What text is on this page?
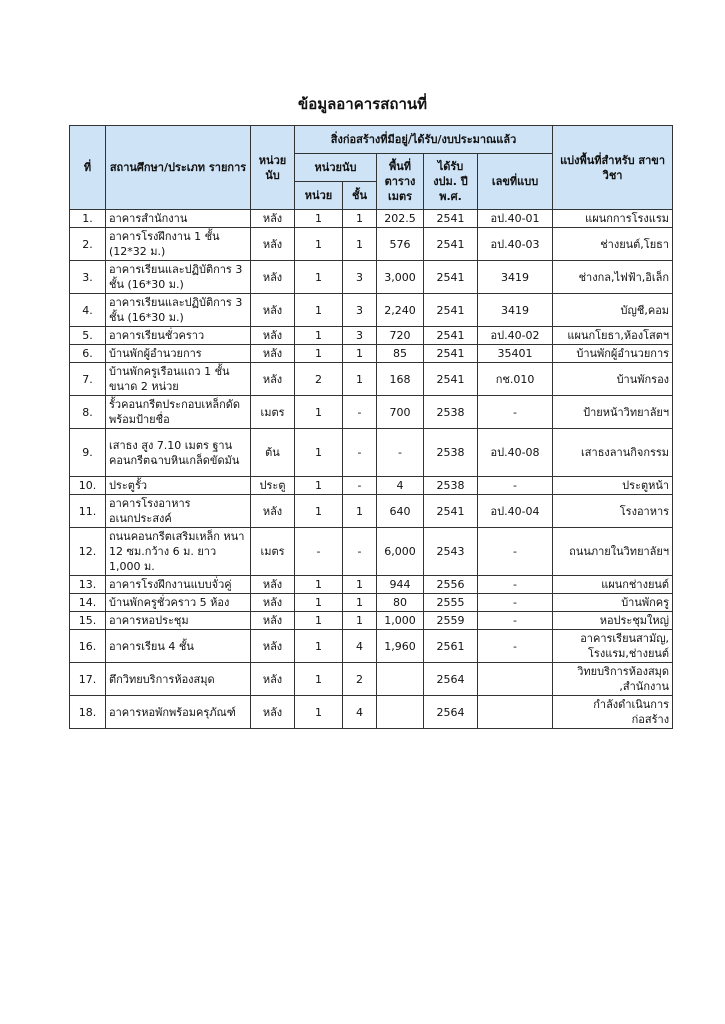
ข้อมูลอาคารสถานที่
ที่	สถานศึกษา/ประเภท รายการ	หน่วย นับ	สิ่งก่อสร้างที่มีอยู่/ได้รับ/งบประมาณแล้ว					แบ่งพื้นที่สำหรับ สาขาวิชา
			หน่วยนับ		พื้นที่ ตาราง เมตร	ได้รับ งปม. ปี พ.ศ.	เลขที่แบบ	
			หน่วย	ชั้น				
1.	อาคารสำนักงาน	หลัง	1	1	202.5	2541	อป.40-01	แผนกการโรงแรม
2.	อาคารโรงฝึกงาน 1 ชั้น (12*32 ม.)	หลัง	1	1	576	2541	อป.40-03	ช่างยนต์,โยธา
3.	อาคารเรียนและปฏิบัติการ 3 ชั้น (16*30 ม.)	หลัง	1	3	3,000	2541	3419	ช่างกล,ไฟฟ้า,อิเล็ก
4.	อาคารเรียนและปฏิบัติการ 3 ชั้น (16*30 ม.)	หลัง	1	3	2,240	2541	3419	บัญชี,คอม
5.	อาคารเรียนชั่วคราว	หลัง	1	3	720	2541	อป.40-02	แผนกโยธา,ห้องโสตฯ
6.	บ้านพักผู้อำนวยการ	หลัง	1	1	85	2541	35401	บ้านพักผู้อำนวยการ
7.	บ้านพักครูเรือนแถว 1 ชั้น ขนาด 2 หน่วย	หลัง	2	1	168	2541	กช.010	บ้านพักรอง
8.	รั้วคอนกรีตประกอบเหล็กดัด พร้อมป้ายชื่อ	เมตร	1	-	700	2538	-	ป้ายหน้าวิทยาลัยฯ
9.	เสาธง สูง 7.10 เมตร ฐานคอนกรีตฉาบหินเกล็ดขัดมัน	ต้น	1	-	-	2538	อป.40-08	เสาธงลานกิจกรรม
10.	ประตูรั้ว	ประตู	1	-	4	2538	-	ประตูหน้า
11.	อาคารโรงอาหาร อเนกประสงค์	หลัง	1	1	640	2541	อป.40-04	โรงอาหาร
12.	ถนนคอนกรีตเสริมเหล็ก หนา 12 ซม.กว้าง 6 ม. ยาว 1,000 ม.	เมตร	-	-	6,000	2543	-	ถนนภายในวิทยาลัยฯ
13.	อาคารโรงฝึกงานแบบจั่วคู่	หลัง	1	1	944	2556	-	แผนกช่างยนต์
14.	บ้านพักครูชั่วคราว 5 ห้อง	หลัง	1	1	80	2555	-	บ้านพักครู
15.	อาคารหอประชุม	หลัง	1	1	1,000	2559	-	หอประชุมใหญ่
16.	อาคารเรียน 4 ชั้น	หลัง	1	4	1,960	2561	-	อาคารเรียนสามัญ, โรงแรม,ช่างยนต์
17.	ตึกวิทยบริการห้องสมุด	หลัง	1	2		2564		วิทยบริการห้องสมุด ,สำนักงาน
18.	อาคารหอพักพร้อมครุภัณฑ์	หลัง	1	4		2564		กำลังดำเนินการก่อสร้าง
